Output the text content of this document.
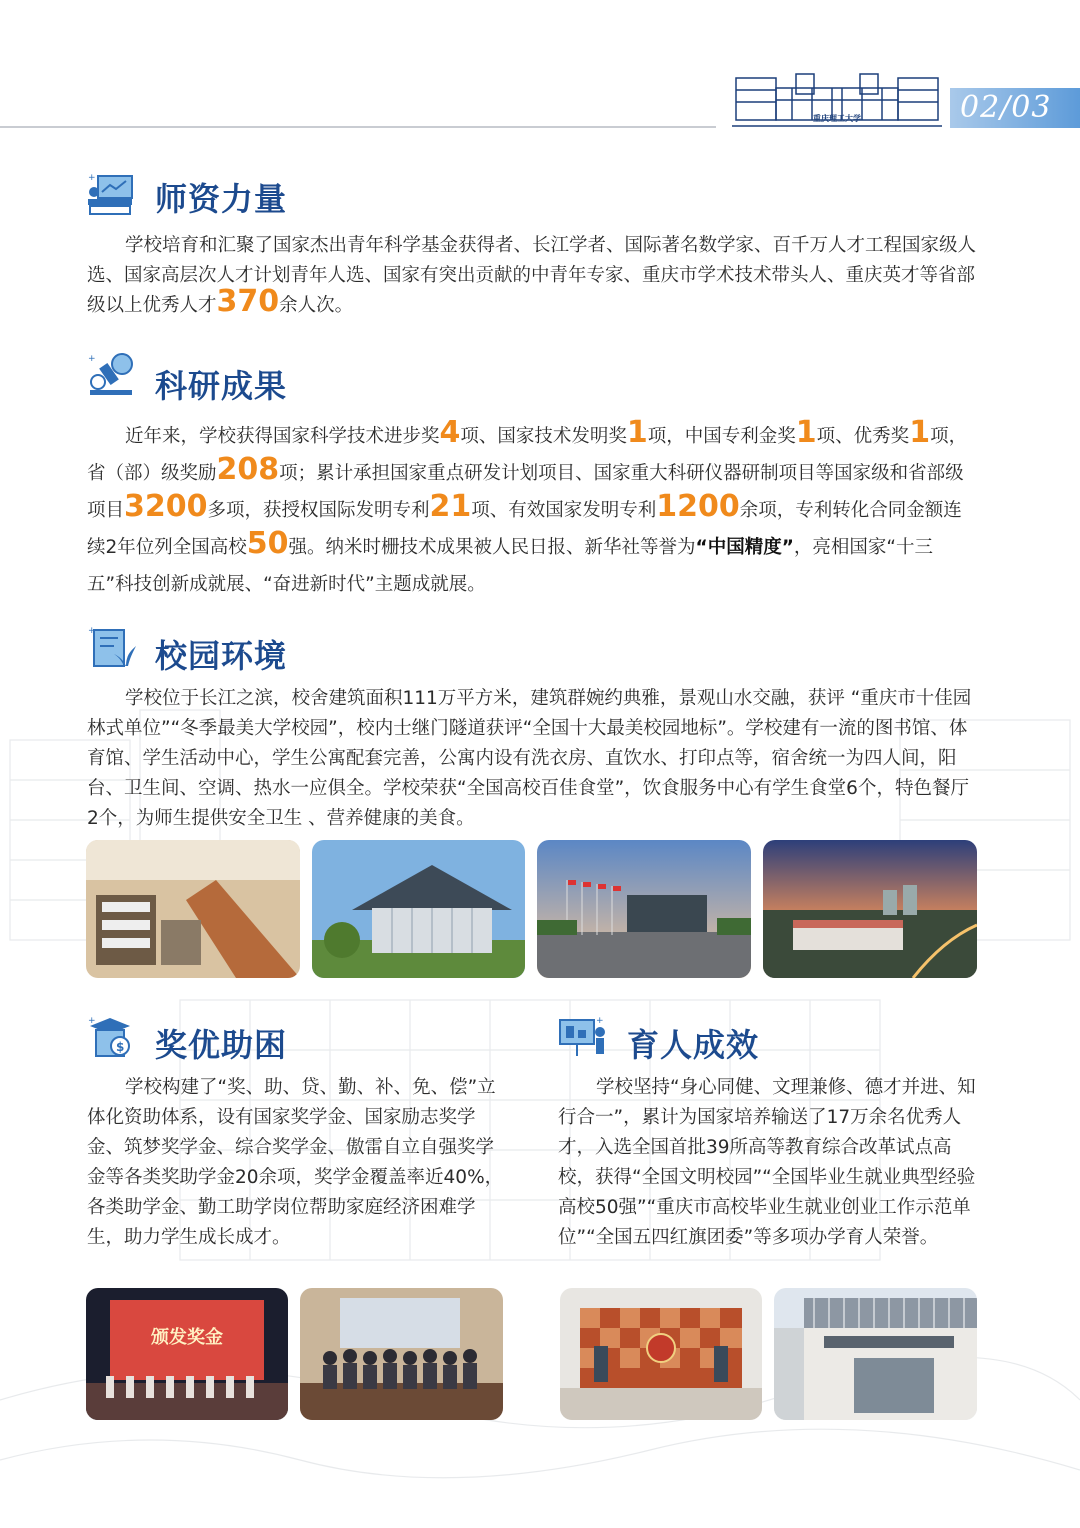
重庆理工大学	02/03
+
师资力量
学校培育和汇聚了国家杰出青年科学基金获得者、长江学者、国际著名数学家、百千万人才工程国家级人选、国家高层次人才计划青年人选、国家有突出贡献的中青年专家、重庆市学术技术带头人、重庆英才等省部级以上优秀人才370余人次。
+
科研成果
近年来，学校获得国家科学技术进步奖4项、国家技术发明奖1项，中国专利金奖1项、优秀奖1项，省（部）级奖励208项；累计承担国家重点研发计划项目、国家重大科研仪器研制项目等国家级和省部级项目3200多项，获授权国际发明专利21项、有效国家发明专利1200余项，专利转化合同金额连续2年位列全国高校50强。纳米时栅技术成果被人民日报、新华社等誉为“中国精度”，亮相国家“十三五”科技创新成就展、“奋进新时代”主题成就展。
+
校园环境
学校位于长江之滨，校舍建筑面积111万平方米，建筑群婉约典雅，景观山水交融，获评 “重庆市十佳园林式单位”“冬季最美大学校园”，校内士继门隧道获评“全国十大最美校园地标”。学校建有一流的图书馆、体育馆、学生活动中心，学生公寓配套完善，公寓内设有洗衣房、直饮水、打印点等，宿舍统一为四人间，阳台、卫生间、空调、热水一应俱全。学校荣获“全国高校百佳食堂”，饮食服务中心有学生食堂6个，特色餐厅2个，为师生提供安全卫生 、营养健康的美食。
$
+
奖优助困
学校构建了“奖、助、贷、勤、补、免、偿”立体化资助体系，设有国家奖学金、国家励志奖学金、筑梦奖学金、综合奖学金、傲雷自立自强奖学金等各类奖助学金20余项，奖学金覆盖率近40%，各类助学金、勤工助学岗位帮助家庭经济困难学生，助力学生成长成才。
+
育人成效
学校坚持“身心同健、文理兼修、德才并进、知行合一”，累计为国家培养输送了17万余名优秀人才，入选全国首批39所高等教育综合改革试点高校，获得“全国文明校园”“全国毕业生就业典型经验高校50强”“重庆市高校毕业生就业创业工作示范单位”“全国五四红旗团委”等多项办学育人荣誉。
颁发奖金
